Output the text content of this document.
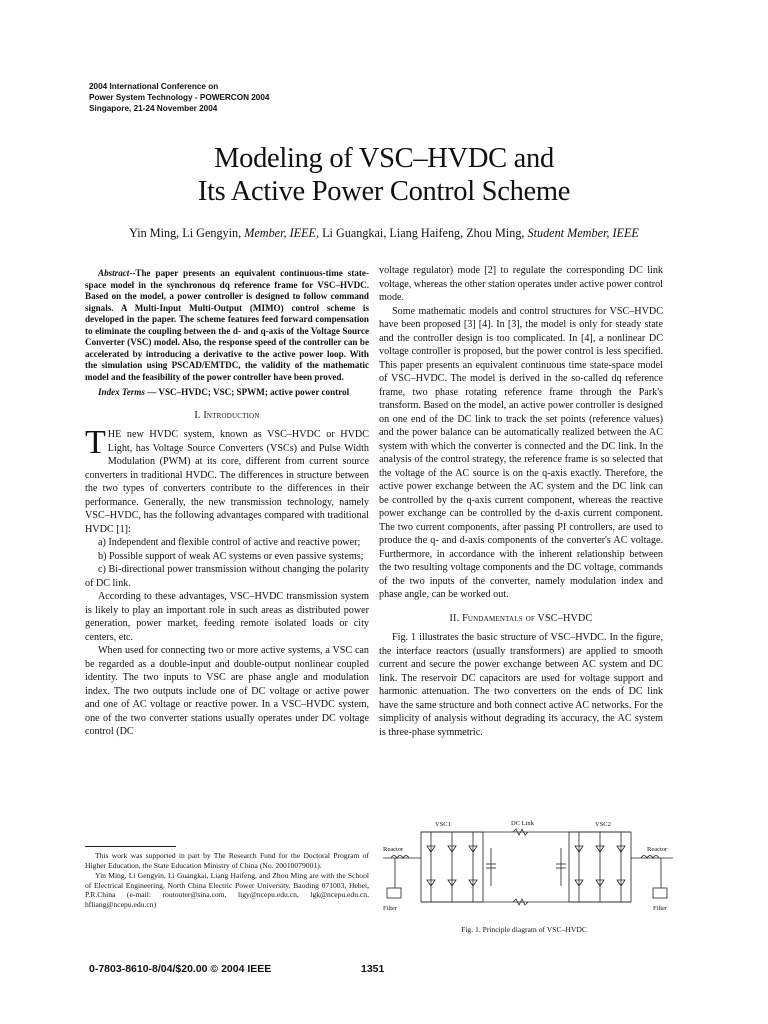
2004 International Conference on
Power System Technology - POWERCON 2004
Singapore, 21-24 November 2004
Modeling of VSC–HVDC and
Its Active Power Control Scheme
Yin Ming, Li Gengyin, Member, IEEE, Li Guangkai, Liang Haifeng, Zhou Ming, Student Member, IEEE

Abstract--The paper presents an equivalent continuous-time state-space model in the synchronous dq reference frame for VSC–HVDC. Based on the model, a power controller is designed to follow command signals. A Multi-Input Multi-Output (MIMO) control scheme is developed in the paper. The scheme features feed forward compensation to eliminate the coupling between the d- and q-axis of the Voltage Source Converter (VSC) model. Also, the response speed of the controller can be accelerated by introducing a derivative to the active power loop. With the simulation using PSCAD/EMTDC, the validity of the mathematic model and the feasibility of the power controller have been proved.

Index Terms — VSC–HVDC; VSC; SPWM; active power control

I. Introduction

THE new HVDC system, known as VSC–HVDC or HVDC Light, has Voltage Source Converters (VSCs) and Pulse Width Modulation (PWM) at its core, different from current source converters in traditional HVDC. The differences in structure between the two types of converters contribute to the differences in their performance. Generally, the new transmission technology, namely VSC–HVDC, has the following advantages compared with traditional HVDC [1]:

a) Independent and flexible control of active and reactive power;

b) Possible support of weak AC systems or even passive systems;

c) Bi-directional power transmission without changing the polarity of DC link.

According to these advantages, VSC–HVDC transmission system is likely to play an important role in such areas as distributed power generation, power market, feeding remote isolated loads or city centers, etc.

When used for connecting two or more active systems, a VSC can be regarded as a double-input and double-output nonlinear coupled identity. The two inputs to VSC are phase angle and modulation index. The two outputs include one of DC voltage or active power and one of AC voltage or reactive power. In a VSC–HVDC system, one of the two converter stations usually operates under DC voltage control (DC

voltage regulator) mode [2] to regulate the corresponding DC link voltage, whereas the other station operates under active power control mode.

Some mathematic models and control structures for VSC–HVDC have been proposed [3] [4]. In [3], the model is only for steady state and the controller design is too complicated. In [4], a nonlinear DC voltage controller is proposed, but the power control is less specified. This paper presents an equivalent continuous time state-space model of VSC–HVDC. The model is derived in the so-called dq reference frame, two phase rotating reference frame through the Park's transform. Based on the model, an active power controller is designed on one end of the DC link to track the set points (reference values) and the power balance can be automatically realized between the AC system with which the converter is connected and the DC link. In the analysis of the control strategy, the reference frame is so selected that the voltage of the AC source is on the q-axis exactly. Therefore, the active power exchange between the AC system and the DC link can be controlled by the q-axis current component, whereas the reactive power exchange can be controlled by the d-axis current component. The two current components, after passing PI controllers, are used to produce the q- and d-axis components of the converter's AC voltage. Furthermore, in accordance with the inherent relationship between the two resulting voltage components and the DC voltage, commands of the two inputs of the converter, namely modulation index and phase angle, can be worked out.

II. Fundamentals of VSC–HVDC

Fig. 1 illustrates the basic structure of VSC–HVDC. In the figure, the interface reactors (usually transformers) are applied to smooth current and secure the power exchange between AC system and DC link. The reservoir DC capacitors are used for voltage support and harmonic attenuation. The two converters on the ends of DC link have the same structure and both connect active AC networks. For the simplicity of analysis without degrading its accuracy, the AC system is three-phase symmetric.

VSC1	DC Link	VSC2
Reactor	Reactor
Filter	Filter
Fig. 1. Principle diagram of VSC–HVDC

This work was supported in part by The Research Fund for the Doctoral Program of Higher Education, the State Education Ministry of China (No. 20010079001).

Yin Ming, Li Gengyin, Li Guangkai, Liang Haifeng, and Zhou Ming are with the School of Electrical Engineering, North China Electric Power University, Baoding 071003, Hebei, P.R.China (e-mail: routouter@sina.com, ligy@ncepu.edu.cn, lgk@ncepu.edu.cn, hfliang@ncepu.edu.cn)

0-7803-8610-8/04/$20.00 © 2004 IEEE	1351
